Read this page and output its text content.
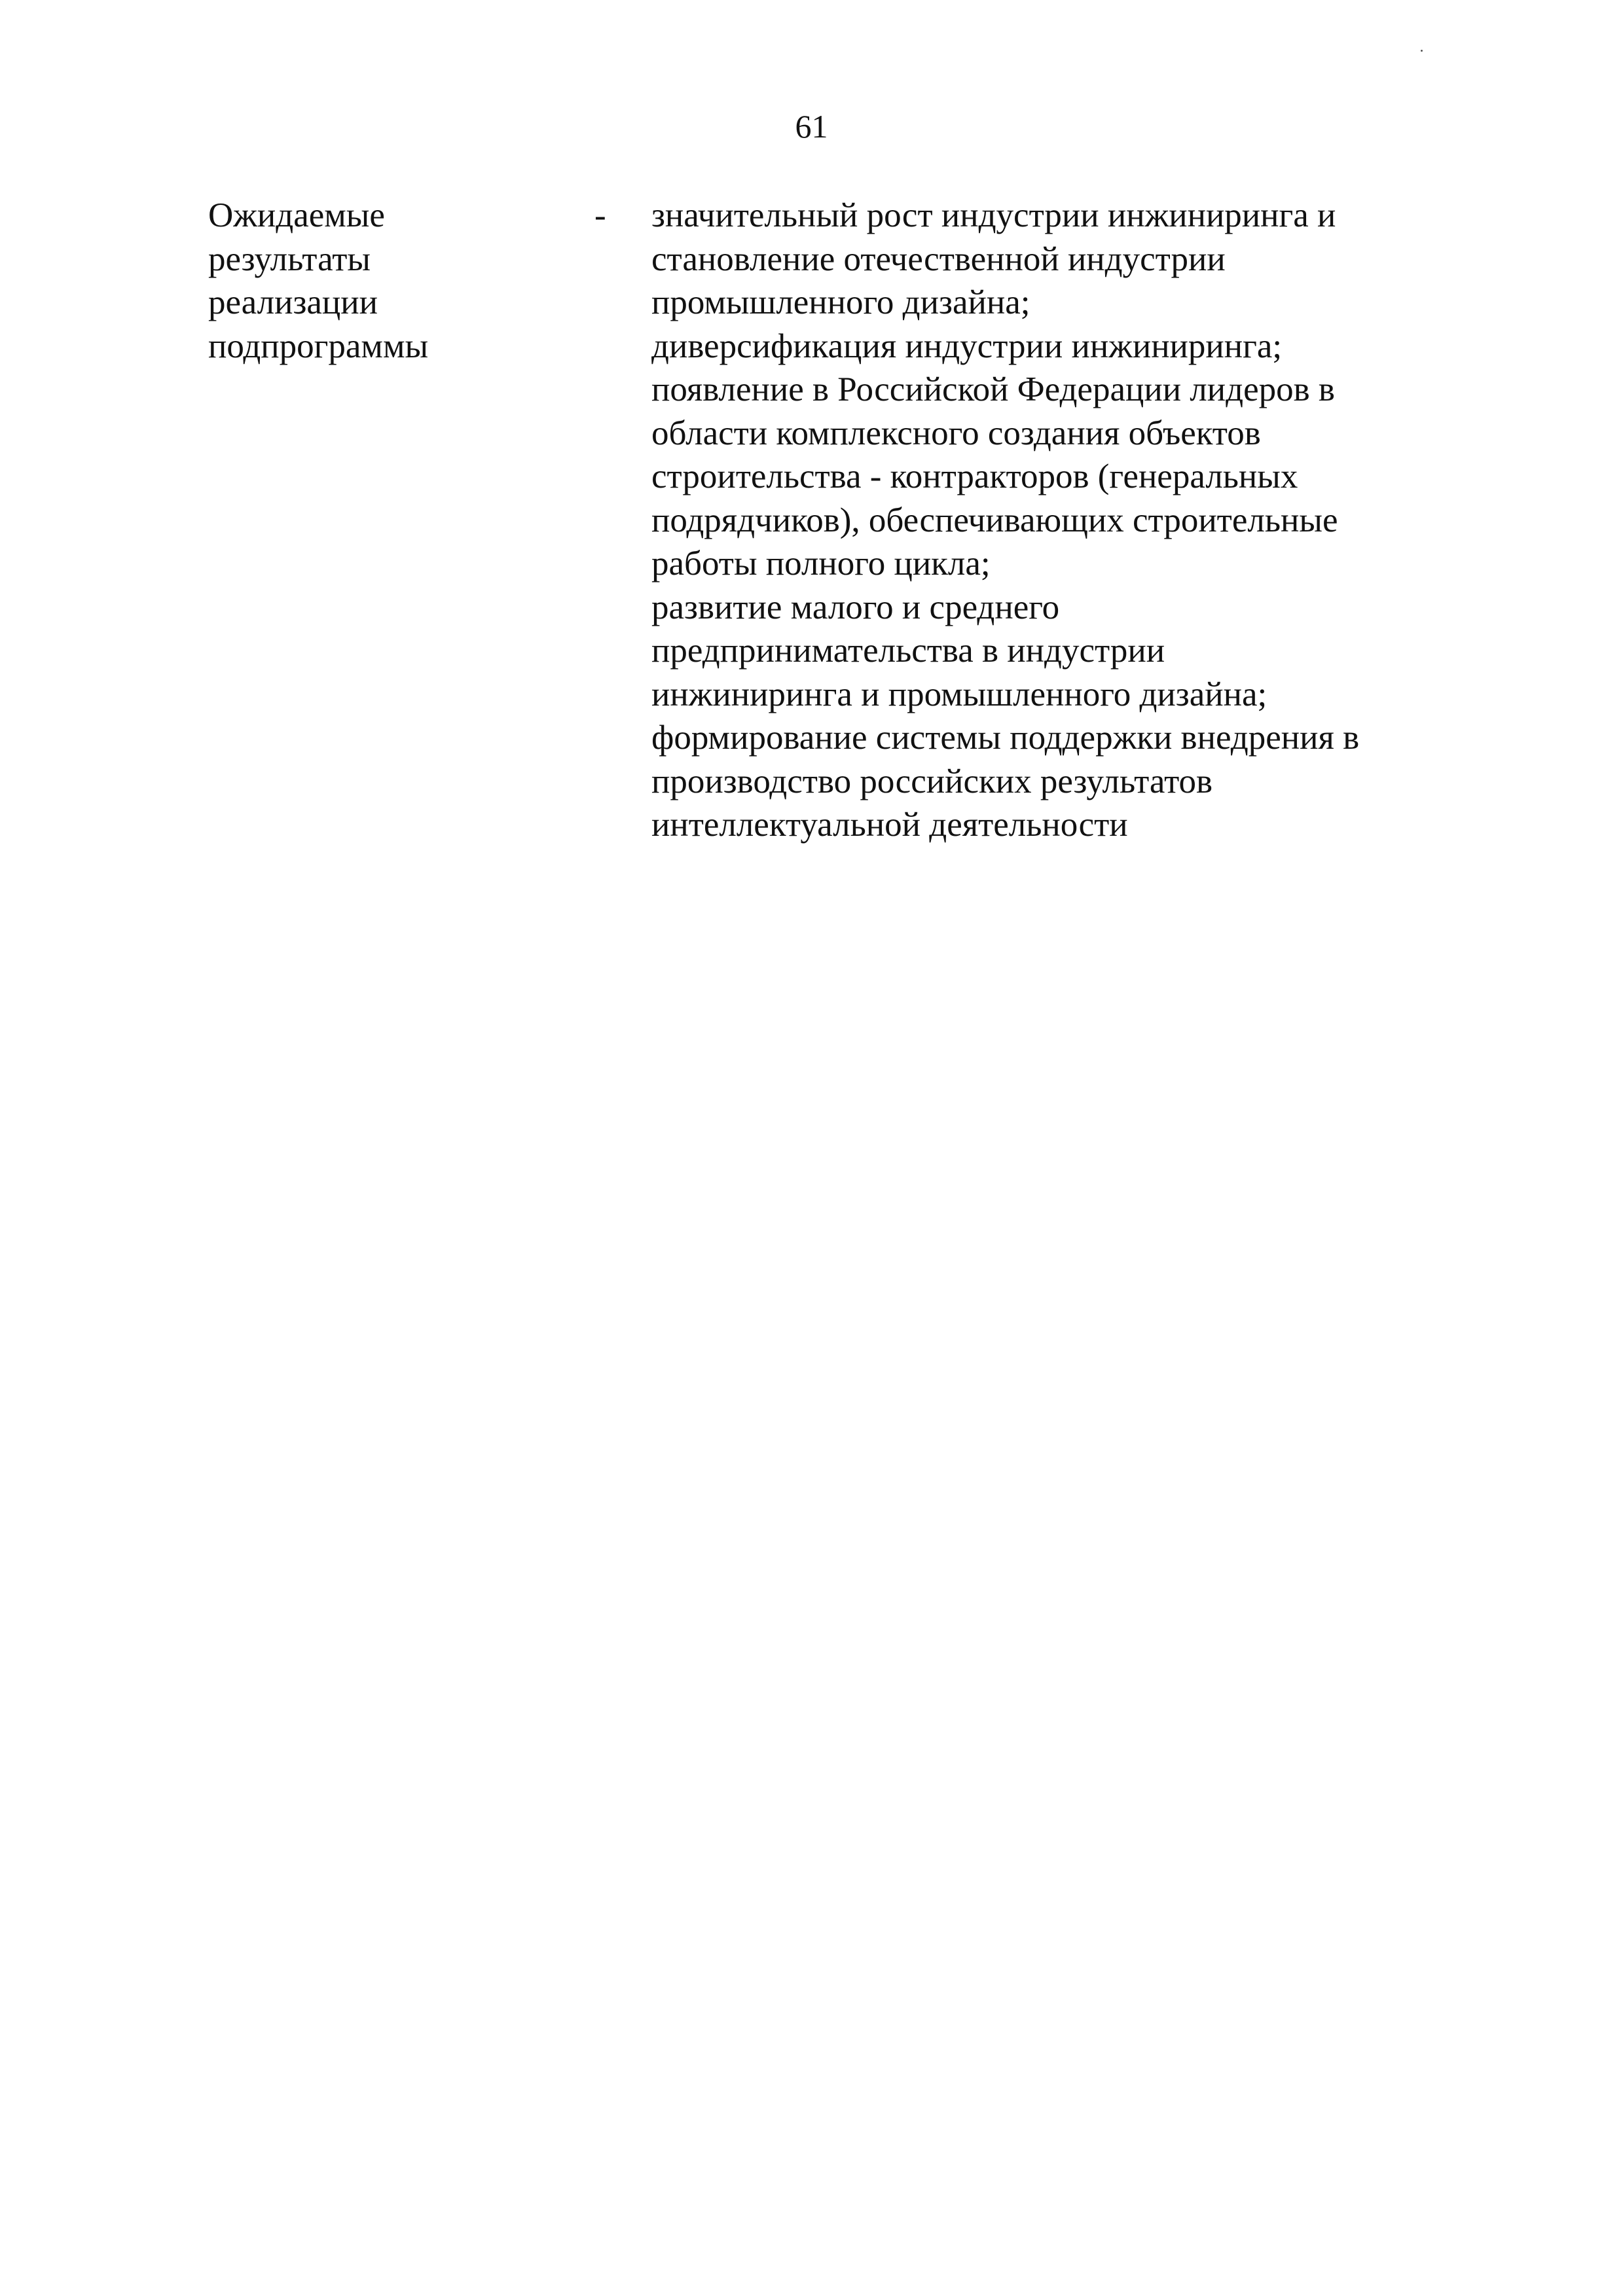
61
Ожидаемые
результаты
реализации
подпрограммы
- значительный рост индустрии инжиниринга и
становление отечественной индустрии
промышленного дизайна;
диверсификация индустрии инжиниринга;
появление в Российской Федерации лидеров в
области комплексного создания объектов
строительства - контракторов (генеральных
подрядчиков), обеспечивающих строительные
работы полного цикла;
развитие малого и среднего
предпринимательства в индустрии
инжиниринга и промышленного дизайна;
формирование системы поддержки внедрения в
производство российских результатов
интеллектуальной деятельности
